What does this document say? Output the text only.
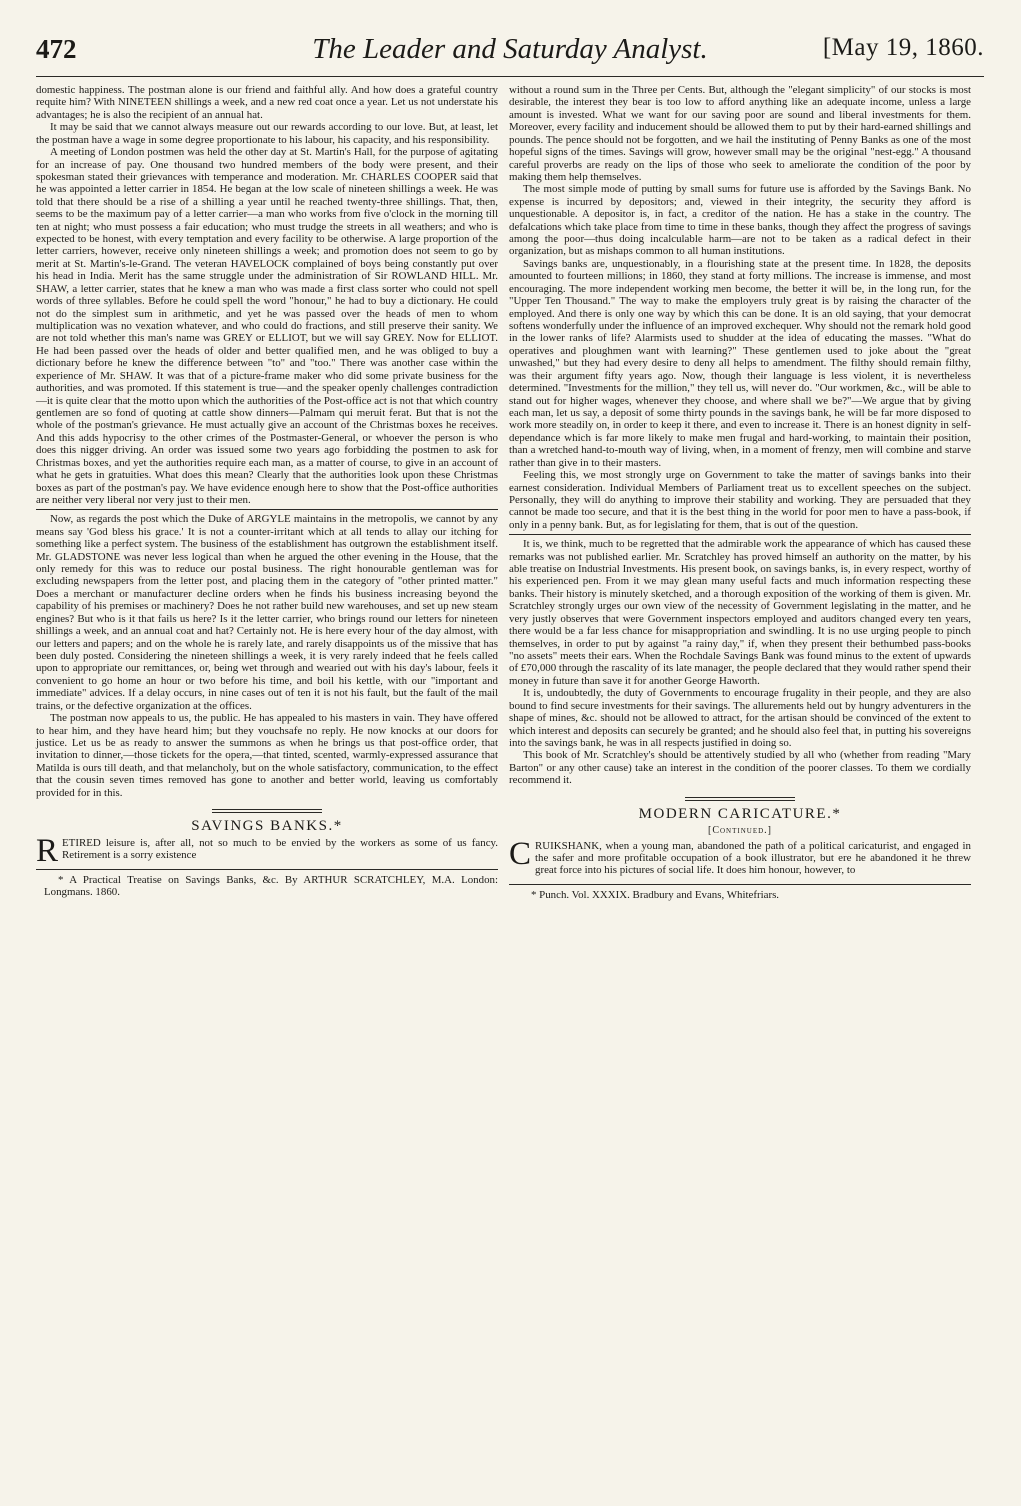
472	The Leader and Saturday Analyst.	[May 19, 1860.

domestic happiness. The postman alone is our friend and faithful ally. And how does a grateful country requite him? With NINETEEN shillings a week, and a new red coat once a year. Let us not understate his advantages; he is also the recipient of an annual hat.

It may be said that we cannot always measure out our rewards according to our love. But, at least, let the postman have a wage in some degree proportionate to his labour, his capacity, and his responsibility.

A meeting of London postmen was held the other day at St. Martin's Hall, for the purpose of agitating for an increase of pay. One thousand two hundred members of the body were present, and their spokesman stated their grievances with temperance and moderation. Mr. CHARLES COOPER said that he was appointed a letter carrier in 1854. He began at the low scale of nineteen shillings a week. He was told that there should be a rise of a shilling a year until he reached twenty-three shillings. That, then, seems to be the maximum pay of a letter carrier—a man who works from five o'clock in the morning till ten at night; who must possess a fair education; who must trudge the streets in all weathers; and who is expected to be honest, with every temptation and every facility to be otherwise. A large proportion of the letter carriers, however, receive only nineteen shillings a week; and promotion does not seem to go by merit at St. Martin's-le-Grand. The veteran HAVELOCK complained of boys being constantly put over his head in India. Merit has the same struggle under the administration of Sir ROWLAND HILL. Mr. SHAW, a letter carrier, states that he knew a man who was made a first class sorter who could not spell words of three syllables. Before he could spell the word "honour," he had to buy a dictionary. He could not do the simplest sum in arithmetic, and yet he was passed over the heads of men to whom multiplication was no vexation whatever, and who could do fractions, and still preserve their sanity. We are not told whether this man's name was GREY or ELLIOT, but we will say GREY. Now for ELLIOT. He had been passed over the heads of older and better qualified men, and he was obliged to buy a dictionary before he knew the difference between "to" and "too." There was another case within the experience of Mr. SHAW. It was that of a picture-frame maker who did some private business for the authorities, and was promoted. If this statement is true—and the speaker openly challenges contradiction—it is quite clear that the motto upon which the authorities of the Post-office act is not that which country gentlemen are so fond of quoting at cattle show dinners—Palmam qui meruit ferat. But that is not the whole of the postman's grievance. He must actually give an account of the Christmas boxes he receives. And this adds hypocrisy to the other crimes of the Postmaster-General, or whoever the person is who does this nigger driving. An order was issued some two years ago forbidding the postmen to ask for Christmas boxes, and yet the authorities require each man, as a matter of course, to give in an account of what he gets in gratuities. What does this mean? Clearly that the authorities look upon these Christmas boxes as part of the postman's pay. We have evidence enough here to show that the Post-office authorities are neither very liberal nor very just to their men.

Now, as regards the post which the Duke of ARGYLE maintains in the metropolis, we cannot by any means say 'God bless his grace.' It is not a counter-irritant which at all tends to allay our itching for something like a perfect system. The business of the establishment has outgrown the establishment itself. Mr. GLADSTONE was never less logical than when he argued the other evening in the House, that the only remedy for this was to reduce our postal business. The right honourable gentleman was for excluding newspapers from the letter post, and placing them in the category of "other printed matter." Does a merchant or manufacturer decline orders when he finds his business increasing beyond the capability of his premises or machinery? Does he not rather build new warehouses, and set up new steam engines? But who is it that fails us here? Is it the letter carrier, who brings round our letters for nineteen shillings a week, and an annual coat and hat? Certainly not. He is here every hour of the day almost, with our letters and papers; and on the whole he is rarely late, and rarely disappoints us of the missive that has been duly posted. Considering the nineteen shillings a week, it is very rarely indeed that he feels called upon to appropriate our remittances, or, being wet through and wearied out with his day's labour, feels it convenient to go home an hour or two before his time, and boil his kettle, with our "important and immediate" advices. If a delay occurs, in nine cases out of ten it is not his fault, but the fault of the mail trains, or the defective organization at the offices.

The postman now appeals to us, the public. He has appealed to his masters in vain. They have offered to hear him, and they have heard him; but they vouchsafe no reply. He now knocks at our doors for justice. Let us be as ready to answer the summons as when he brings us that post-office order, that invitation to dinner,—those tickets for the opera,—that tinted, scented, warmly-expressed assurance that Matilda is ours till death, and that melancholy, but on the whole satisfactory, communication, to the effect that the cousin seven times removed has gone to another and better world, leaving us comfortably provided for in this.

SAVINGS BANKS.*

RETIRED leisure is, after all, not so much to be envied by the workers as some of us fancy. Retirement is a sorry existence

* A Practical Treatise on Savings Banks, &c. By ARTHUR SCRATCHLEY, M.A. London: Longmans. 1860.

without a round sum in the Three per Cents. But, although the "elegant simplicity" of our stocks is most desirable, the interest they bear is too low to afford anything like an adequate income, unless a large amount is invested. What we want for our saving poor are sound and liberal investments for them. Moreover, every facility and inducement should be allowed them to put by their hard-earned shillings and pounds. The pence should not be forgotten, and we hail the instituting of Penny Banks as one of the most hopeful signs of the times. Savings will grow, however small may be the original "nest-egg." A thousand careful proverbs are ready on the lips of those who seek to ameliorate the condition of the poor by making them help themselves.

The most simple mode of putting by small sums for future use is afforded by the Savings Bank. No expense is incurred by depositors; and, viewed in their integrity, the security they afford is unquestionable. A depositor is, in fact, a creditor of the nation. He has a stake in the country. The defalcations which take place from time to time in these banks, though they affect the progress of savings among the poor—thus doing incalculable harm—are not to be taken as a radical defect in their organization, but as mishaps common to all human institutions.

Savings banks are, unquestionably, in a flourishing state at the present time. In 1828, the deposits amounted to fourteen millions; in 1860, they stand at forty millions. The increase is immense, and most encouraging. The more independent working men become, the better it will be, in the long run, for the "Upper Ten Thousand." The way to make the employers truly great is by raising the character of the employed. And there is only one way by which this can be done. It is an old saying, that your democrat softens wonderfully under the influence of an improved exchequer. Why should not the remark hold good in the lower ranks of life? Alarmists used to shudder at the idea of educating the masses. "What do operatives and ploughmen want with learning?" These gentlemen used to joke about the "great unwashed," but they had every desire to deny all helps to amendment. The filthy should remain filthy, was their argument fifty years ago. Now, though their language is less violent, it is nevertheless determined. "Investments for the million," they tell us, will never do. "Our workmen, &c., will be able to stand out for higher wages, whenever they choose, and where shall we be?"—We argue that by giving each man, let us say, a deposit of some thirty pounds in the savings bank, he will be far more disposed to work more steadily on, in order to keep it there, and even to increase it. There is an honest dignity in self-dependance which is far more likely to make men frugal and hard-working, to maintain their position, than a wretched hand-to-mouth way of living, when, in a moment of frenzy, men will combine and starve rather than give in to their masters.

Feeling this, we most strongly urge on Government to take the matter of savings banks into their earnest consideration. Individual Members of Parliament treat us to excellent speeches on the subject. Personally, they will do anything to improve their stability and working. They are persuaded that they cannot be made too secure, and that it is the best thing in the world for poor men to have a pass-book, if only in a penny bank. But, as for legislating for them, that is out of the question.

It is, we think, much to be regretted that the admirable work the appearance of which has caused these remarks was not published earlier. Mr. Scratchley has proved himself an authority on the matter, by his able treatise on Industrial Investments. His present book, on savings banks, is, in every respect, worthy of his experienced pen. From it we may glean many useful facts and much information respecting these banks. Their history is minutely sketched, and a thorough exposition of the working of them is given. Mr. Scratchley strongly urges our own view of the necessity of Government legislating in the matter, and he very justly observes that were Government inspectors employed and auditors changed every ten years, there would be a far less chance for misappropriation and swindling. It is no use urging people to pinch themselves, in order to put by against "a rainy day," if, when they present their bethumbed pass-books "no assets" meets their ears. When the Rochdale Savings Bank was found minus to the extent of upwards of £70,000 through the rascality of its late manager, the people declared that they would rather spend their money in future than save it for another George Haworth.

It is, undoubtedly, the duty of Governments to encourage frugality in their people, and they are also bound to find secure investments for their savings. The allurements held out by hungry adventurers in the shape of mines, &c. should not be allowed to attract, for the artisan should be convinced of the extent to which interest and deposits can securely be granted; and he should also feel that, in putting his sovereigns into the savings bank, he was in all respects justified in doing so.

This book of Mr. Scratchley's should be attentively studied by all who (whether from reading "Mary Barton" or any other cause) take an interest in the condition of the poorer classes. To them we cordially recommend it.

MODERN CARICATURE.*
[Continued.]

CRUIKSHANK, when a young man, abandoned the path of a political caricaturist, and engaged in the safer and more profitable occupation of a book illustrator, but ere he abandoned it he threw great force into his pictures of social life. It does him honour, however, to

* Punch. Vol. XXXIX. Bradbury and Evans, Whitefriars.
